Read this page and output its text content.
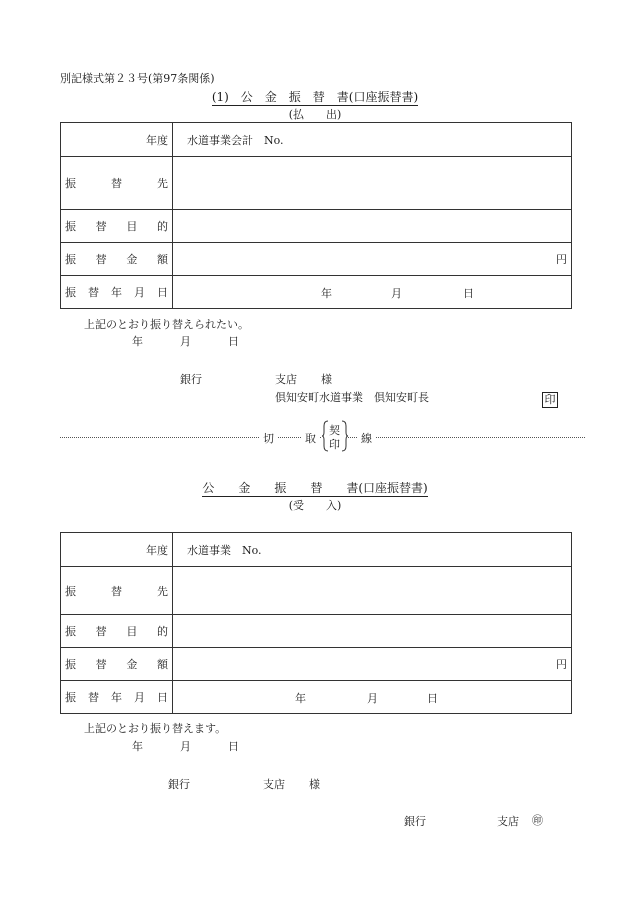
別記様式第２３号(第97条関係)
(1)　公　金　振　替　書(口座振替書)
(払　　出)
年度	水道事業会計　No.

振 替 先	

振 替 目 的	

振 替 金 額	円

振 替 年 月 日	年 月 日
上記のとおり振り替えられたい。
年	月	日
銀行	支店 様
倶知安町水道事業　倶知安町長	印
切	取
契
印 線
公　　金　　振　　替　　書(口座振替書)
(受　　入)
年度	水道事業　No.

振 替 先	

振 替 目 的	

振 替 金 額	円

振 替 年 月 日	年 月 日
上記のとおり振り替えます。
年	月	日
銀行	支店 様
銀行	支店 ㊞
